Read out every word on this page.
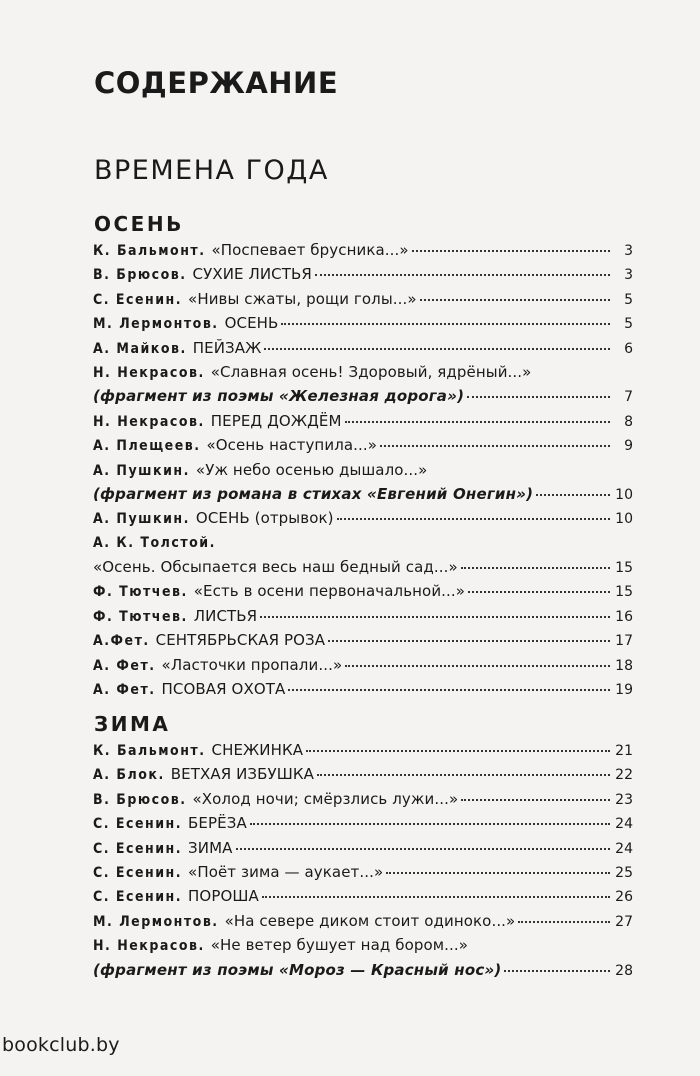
СОДЕРЖАНИЕ
ВРЕМЕНА ГОДА
ОСЕНЬ
К. Бальмонт. «Поспевает брусника...»	3
В. Брюсов. СУХИЕ ЛИСТЬЯ	3
С. Есенин. «Нивы сжаты, рощи голы...»	5
М. Лермонтов. ОСЕНЬ	5
А. Майков. ПЕЙЗАЖ	6
Н. Некрасов. «Славная осень! Здоровый, ядрёный...»
(фрагмент из поэмы «Железная дорога»)	7
Н. Некрасов. ПЕРЕД ДОЖДЁМ	8
А. Плещеев. «Осень наступила...»	9
А. Пушкин. «Уж небо осенью дышало...»
(фрагмент из романа в стихах «Евгений Онегин»)	10
А. Пушкин. ОСЕНЬ (отрывок)	10
А. К. Толстой.
«Осень. Обсыпается весь наш бедный сад...»	15
Ф. Тютчев. «Есть в осени первоначальной...»	15
Ф. Тютчев. ЛИСТЬЯ	16
А.Фет. СЕНТЯБРЬСКАЯ РОЗА	17
А. Фет. «Ласточки пропали...»	18
А. Фет. ПСОВАЯ ОХОТА	19
ЗИМА
К. Бальмонт. СНЕЖИНКА	21
А. Блок. ВЕТХАЯ ИЗБУШКА	22
В. Брюсов. «Холод ночи; смёрзлись лужи...»	23
С. Есенин. БЕРЁЗА	24
С. Есенин. ЗИМА	24
С. Есенин. «Поёт зима — аукает...»	25
С. Есенин. ПОРОША	26
М. Лермонтов. «На севере диком стоит одиноко...»	27
Н. Некрасов. «Не ветер бушует над бором...»
(фрагмент из поэмы «Мороз — Красный нос»)	28
bookclub.by
